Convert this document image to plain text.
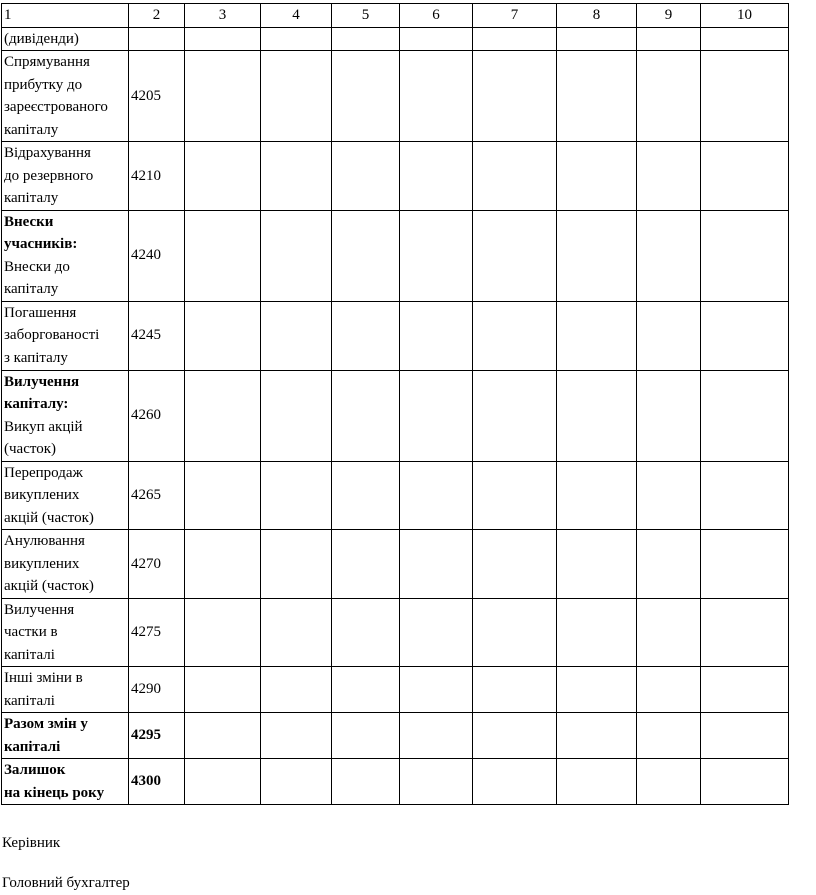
1	2	3	4	5	6	7	8	9	10

(дивіденди)									

Спрямування
прибутку до
зареєстрованого
капіталу	4205								

Відрахування
до резервного
капіталу	4210								

Внески
учасників:
Внески до
капіталу	4240								

Погашення
заборгованості
з капіталу	4245								

Вилучення
капіталу:
Викуп акцій
(часток)	4260								

Перепродаж
викуплених
акцій (часток)	4265								

Анулювання
викуплених
акцій (часток)	4270								

Вилучення
частки в
капіталі	4275								

Інші зміни в
капіталі	4290								

Разом змін у
капіталі	4295								

Залишок
на кінець року	4300								
Керівник
Головний бухгалтер
